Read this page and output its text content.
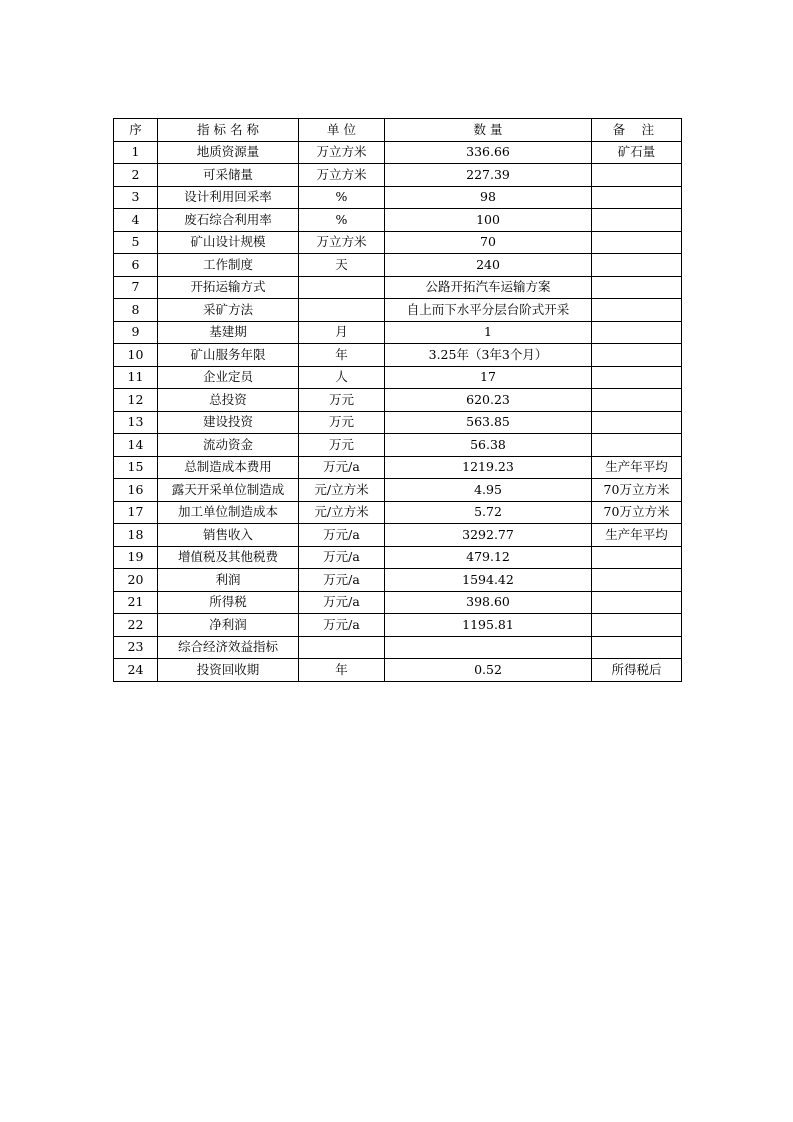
序	指 标 名 称	单 位	数 量	备 注
1	地质资源量	万立方米	336.66	矿石量
2	可采储量	万立方米	227.39	
3	设计利用回采率	%	98	
4	废石综合利用率	%	100	
5	矿山设计规模	万立方米	70	
6	工作制度	天	240	
7	开拓运输方式		公路开拓汽车运输方案	
8	采矿方法		自上而下水平分层台阶式开采	
9	基建期	月	1	
10	矿山服务年限	年	3.25年（3年3个月）	
11	企业定员	人	17	
12	总投资	万元	620.23	
13	建设投资	万元	563.85	
14	流动资金	万元	56.38	
15	总制造成本费用	万元/a	1219.23	生产年平均
16	露天开采单位制造成	元/立方米	4.95	70万立方米
17	加工单位制造成本	元/立方米	5.72	70万立方米
18	销售收入	万元/a	3292.77	生产年平均
19	增值税及其他税费	万元/a	479.12	
20	利润	万元/a	1594.42	
21	所得税	万元/a	398.60	
22	净利润	万元/a	1195.81	
23	综合经济效益指标			
24	投资回收期	年	0.52	所得税后
